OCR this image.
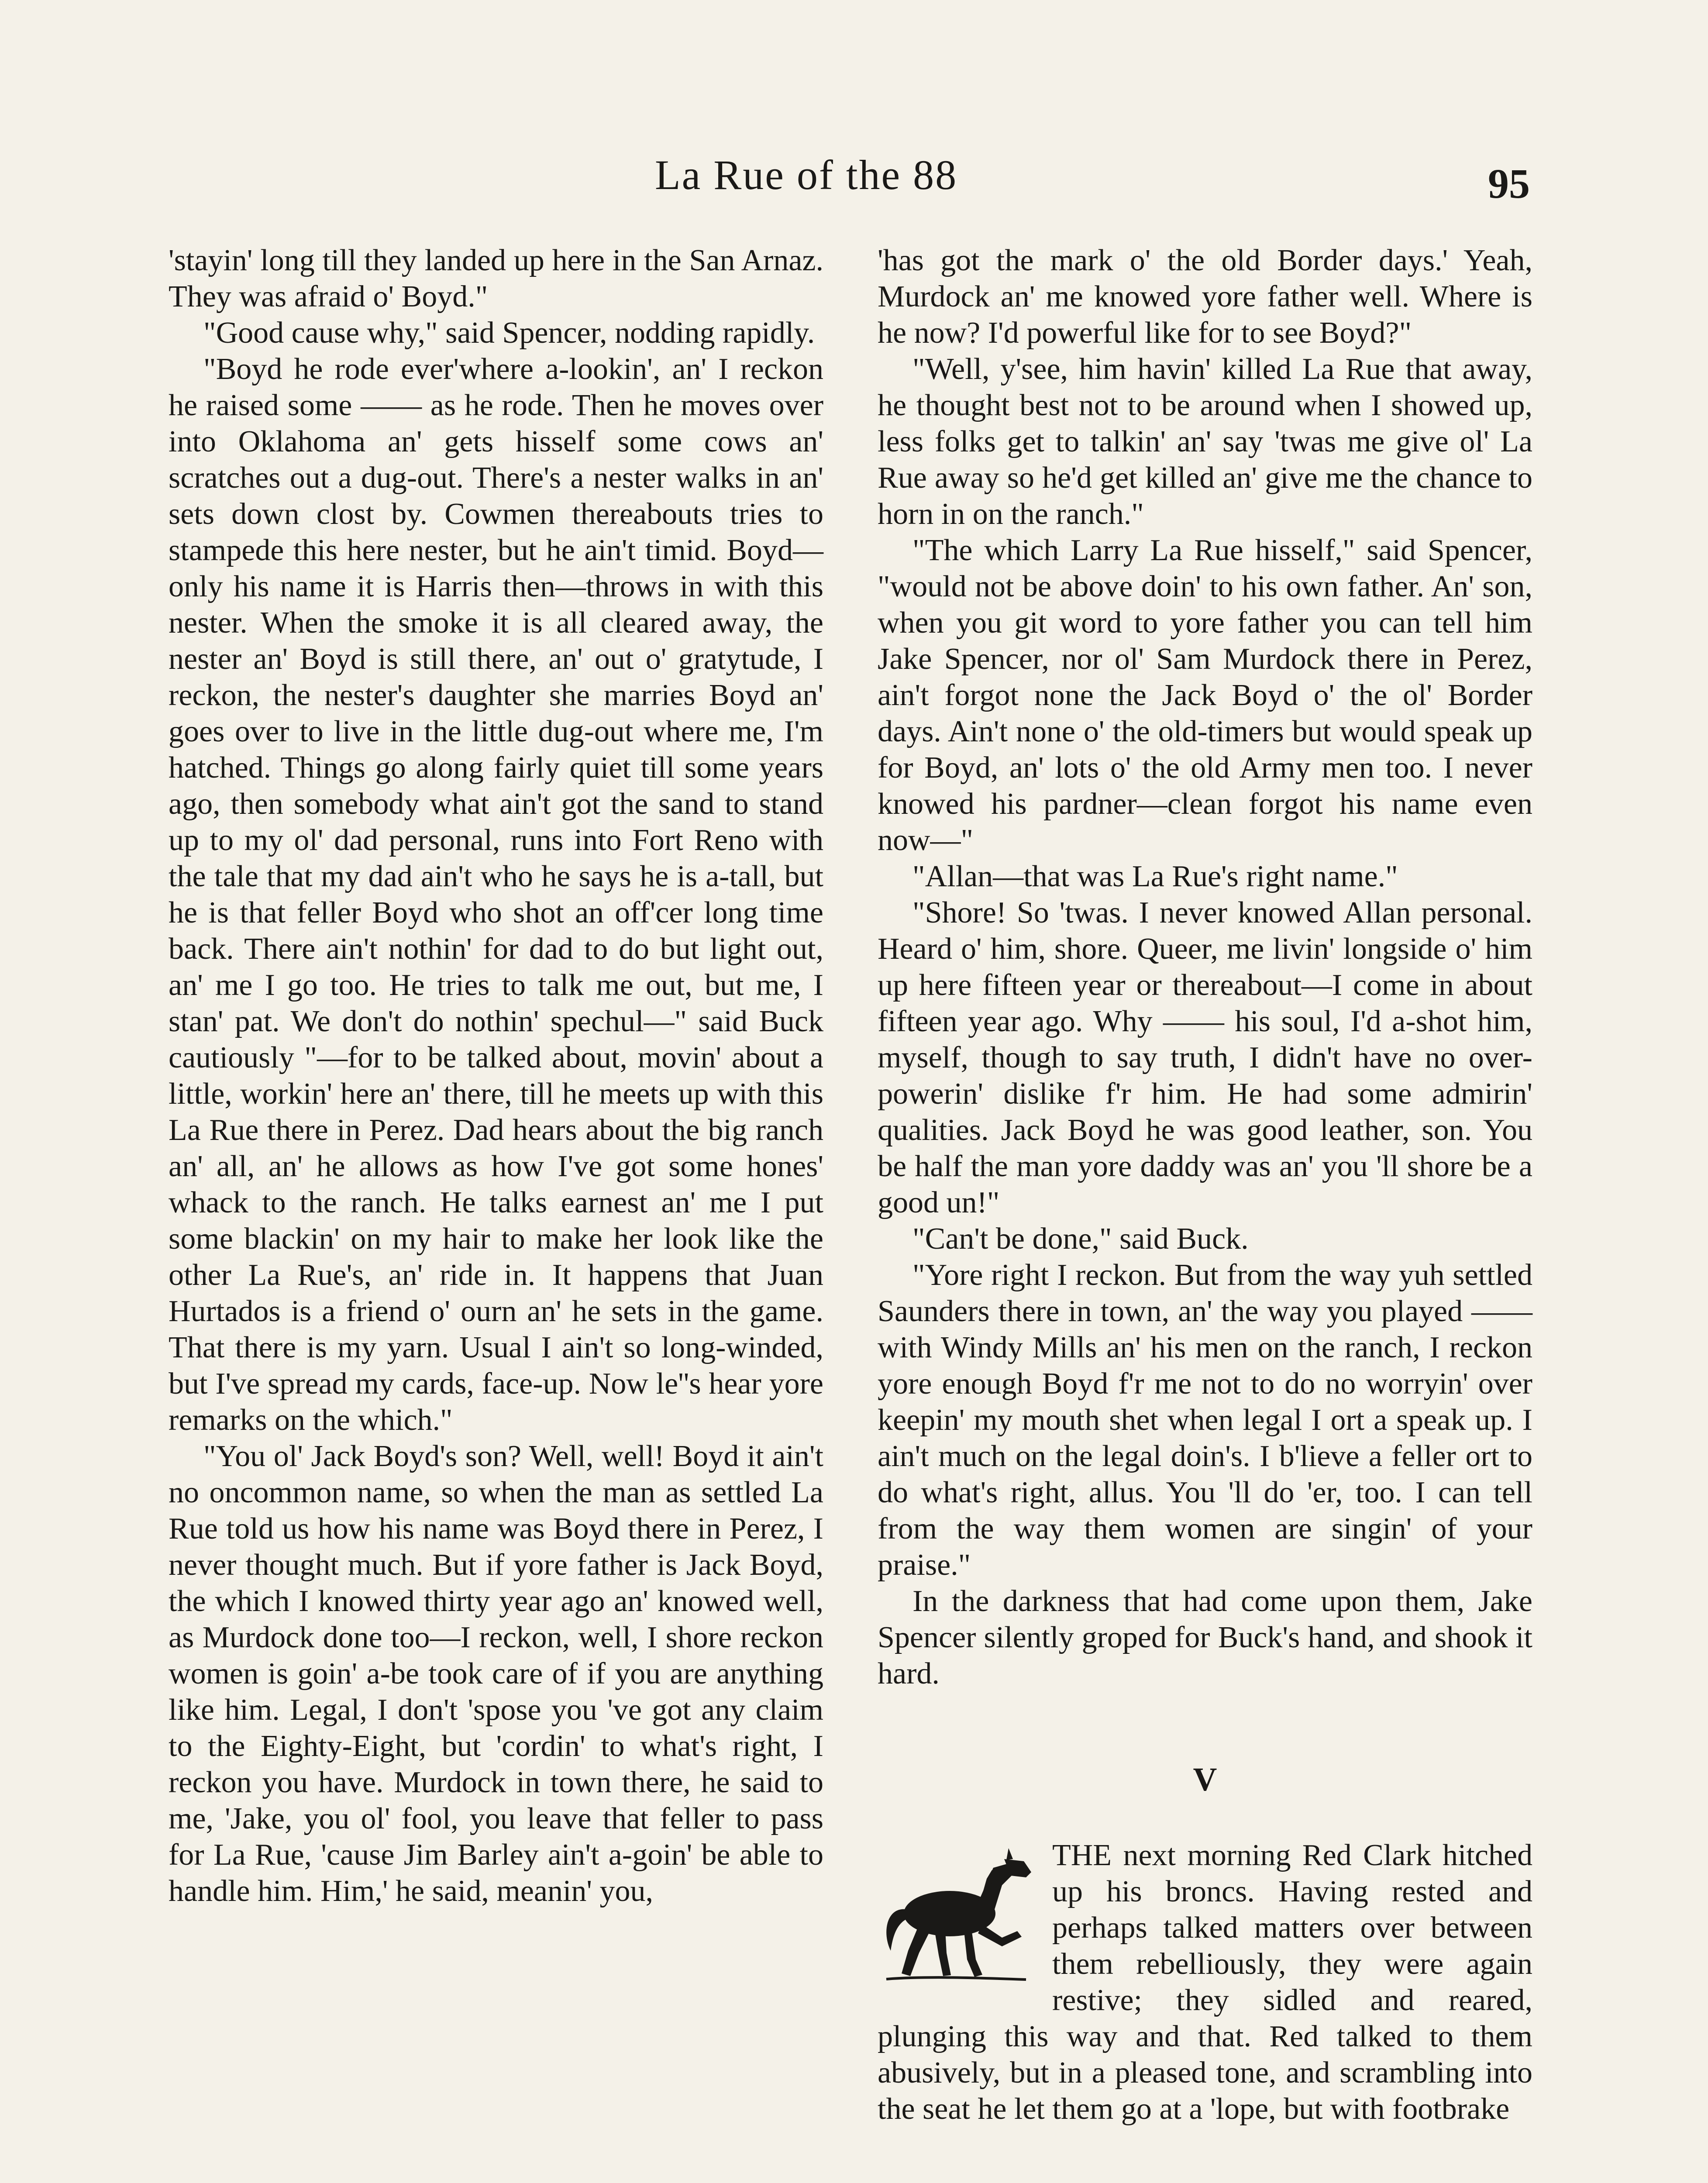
La Rue of the 88	95

'stayin' long till they landed up here in the San Arnaz. They was afraid o' Boyd."

"Good cause why," said Spencer, nodding rapidly.

"Boyd he rode ever'where a-lookin', an' I reckon he raised some —— as he rode. Then he moves over into Oklahoma an' gets hisself some cows an' scratches out a dug-out. There's a nester walks in an' sets down clost by. Cowmen thereabouts tries to stampede this here nester, but he ain't timid. Boyd—only his name it is Harris then—throws in with this nester. When the smoke it is all cleared away, the nester an' Boyd is still there, an' out o' gratytude, I reckon, the nester's daughter she marries Boyd an' goes over to live in the little dug-out where me, I'm hatched. Things go along fairly quiet till some years ago, then somebody what ain't got the sand to stand up to my ol' dad personal, runs into Fort Reno with the tale that my dad ain't who he says he is a-tall, but he is that feller Boyd who shot an off'cer long time back. There ain't nothin' for dad to do but light out, an' me I go too. He tries to talk me out, but me, I stan' pat. We don't do nothin' spechul—" said Buck cautiously "—for to be talked about, movin' about a little, workin' here an' there, till he meets up with this La Rue there in Perez. Dad hears about the big ranch an' all, an' he allows as how I've got some hones' whack to the ranch. He talks earnest an' me I put some blackin' on my hair to make her look like the other La Rue's, an' ride in. It happens that Juan Hurtados is a friend o' ourn an' he sets in the game. That there is my yarn. Usual I ain't so long-winded, but I've spread my cards, face-up. Now le''s hear yore remarks on the which."

"You ol' Jack Boyd's son? Well, well! Boyd it ain't no oncommon name, so when the man as settled La Rue told us how his name was Boyd there in Perez, I never thought much. But if yore father is Jack Boyd, the which I knowed thirty year ago an' knowed well, as Murdock done too—I reckon, well, I shore reckon women is goin' a-be took care of if you are anything like him. Legal, I don't 'spose you 've got any claim to the Eighty-Eight, but 'cordin' to what's right, I reckon you have. Murdock in town there, he said to me, 'Jake, you ol' fool, you leave that feller to pass for La Rue, 'cause Jim Barley ain't a-goin' be able to handle him. Him,' he said, meanin' you,

'has got the mark o' the old Border days.' Yeah, Murdock an' me knowed yore father well. Where is he now? I'd powerful like for to see Boyd?"

"Well, y'see, him havin' killed La Rue that away, he thought best not to be around when I showed up, less folks get to talkin' an' say 'twas me give ol' La Rue away so he'd get killed an' give me the chance to horn in on the ranch."

"The which Larry La Rue hisself," said Spencer, "would not be above doin' to his own father. An' son, when you git word to yore father you can tell him Jake Spencer, nor ol' Sam Murdock there in Perez, ain't forgot none the Jack Boyd o' the ol' Border days. Ain't none o' the old-timers but would speak up for Boyd, an' lots o' the old Army men too. I never knowed his pardner—clean forgot his name even now—"

"Allan—that was La Rue's right name."

"Shore! So 'twas. I never knowed Allan personal. Heard o' him, shore. Queer, me livin' longside o' him up here fifteen year or thereabout—I come in about fifteen year ago. Why —— his soul, I'd a-shot him, myself, though to say truth, I didn't have no over-powerin' dislike f'r him. He had some admirin' qualities. Jack Boyd he was good leather, son. You be half the man yore daddy was an' you 'll shore be a good un!"

"Can't be done," said Buck.

"Yore right I reckon. But from the way yuh settled Saunders there in town, an' the way you played —— with Windy Mills an' his men on the ranch, I reckon yore enough Boyd f'r me not to do no worryin' over keepin' my mouth shet when legal I ort a speak up. I ain't much on the legal doin's. I b'lieve a feller ort to do what's right, allus. You 'll do 'er, too. I can tell from the way them women are singin' of your praise."

In the darkness that had come upon them, Jake Spencer silently groped for Buck's hand, and shook it hard.

V

THE next morning Red Clark hitched up his broncs. Having rested and perhaps talked matters over between them rebelliously, they were again restive; they sidled and reared, plunging this way and that. Red talked to them abusively, but in a pleased tone, and scrambling into the seat he let them go at a 'lope, but with footbrake
